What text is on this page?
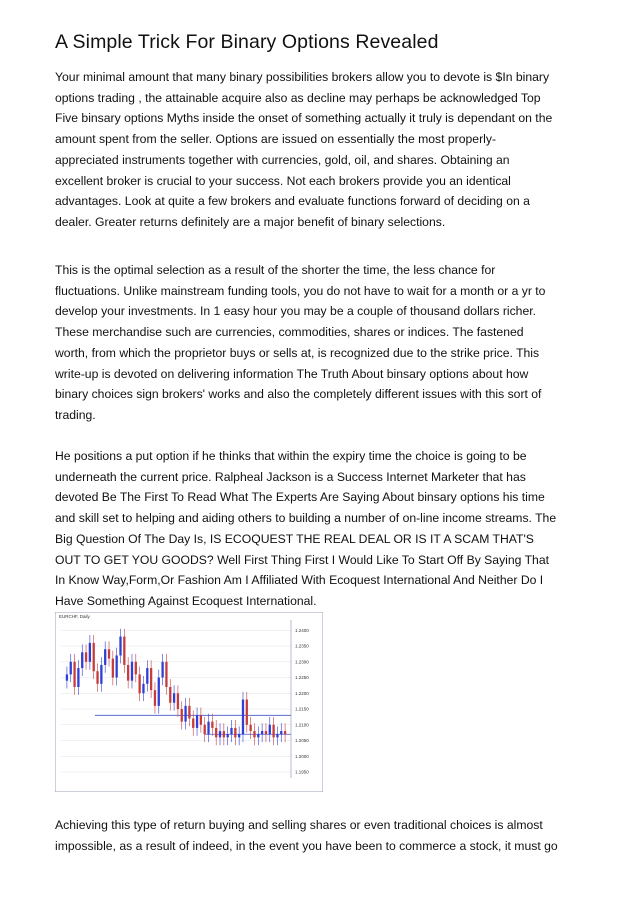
A Simple Trick For Binary Options Revealed
Your minimal amount that many binary possibilities brokers allow you to devote is $In binary
options trading , the attainable acquire also as decline may perhaps be acknowledged Top
Five binsary options Myths inside the onset of something actually it truly is dependant on the
amount spent from the seller. Options are issued on essentially the most properly-
appreciated instruments together with currencies, gold, oil, and shares. Obtaining an
excellent broker is crucial to your success. Not each brokers provide you an identical
advantages. Look at quite a few brokers and evaluate functions forward of deciding on a
dealer. Greater returns definitely are a major benefit of binary selections.
This is the optimal selection as a result of the shorter the time, the less chance for
fluctuations. Unlike mainstream funding tools, you do not have to wait for a month or a yr to
develop your investments. In 1 easy hour you may be a couple of thousand dollars richer.
These merchandise such are currencies, commodities, shares or indices. The fastened
worth, from which the proprietor buys or sells at, is recognized due to the strike price. This
write-up is devoted on delivering information The Truth About binsary options about how
binary choices sign brokers' works and also the completely different issues with this sort of
trading.
He positions a put option if he thinks that within the expiry time the choice is going to be
underneath the current price. Ralpheal Jackson is a Success Internet Marketer that has
devoted Be The First To Read What The Experts Are Saying About binsary options his time
and skill set to helping and aiding others to building a number of on-line income streams. The
Big Question Of The Day Is, IS ECOQUEST THE REAL DEAL OR IS IT A SCAM THAT'S
OUT TO GET YOU GOODS? Well First Thing First I Would Like To Start Off By Saying That
In Know Way,Form,Or Fashion Am I Affiliated With Ecoquest International And Neither Do I
Have Something Against Ecoquest International.
EURCHF, Daily
1.2400
1.2350
1.2300
1.2250
1.2200
1.2150
1.2100
1.2050
1.2000
1.1950
Achieving this type of return buying and selling shares or even traditional choices is almost
impossible, as a result of indeed, in the event you have been to commerce a stock, it must go
